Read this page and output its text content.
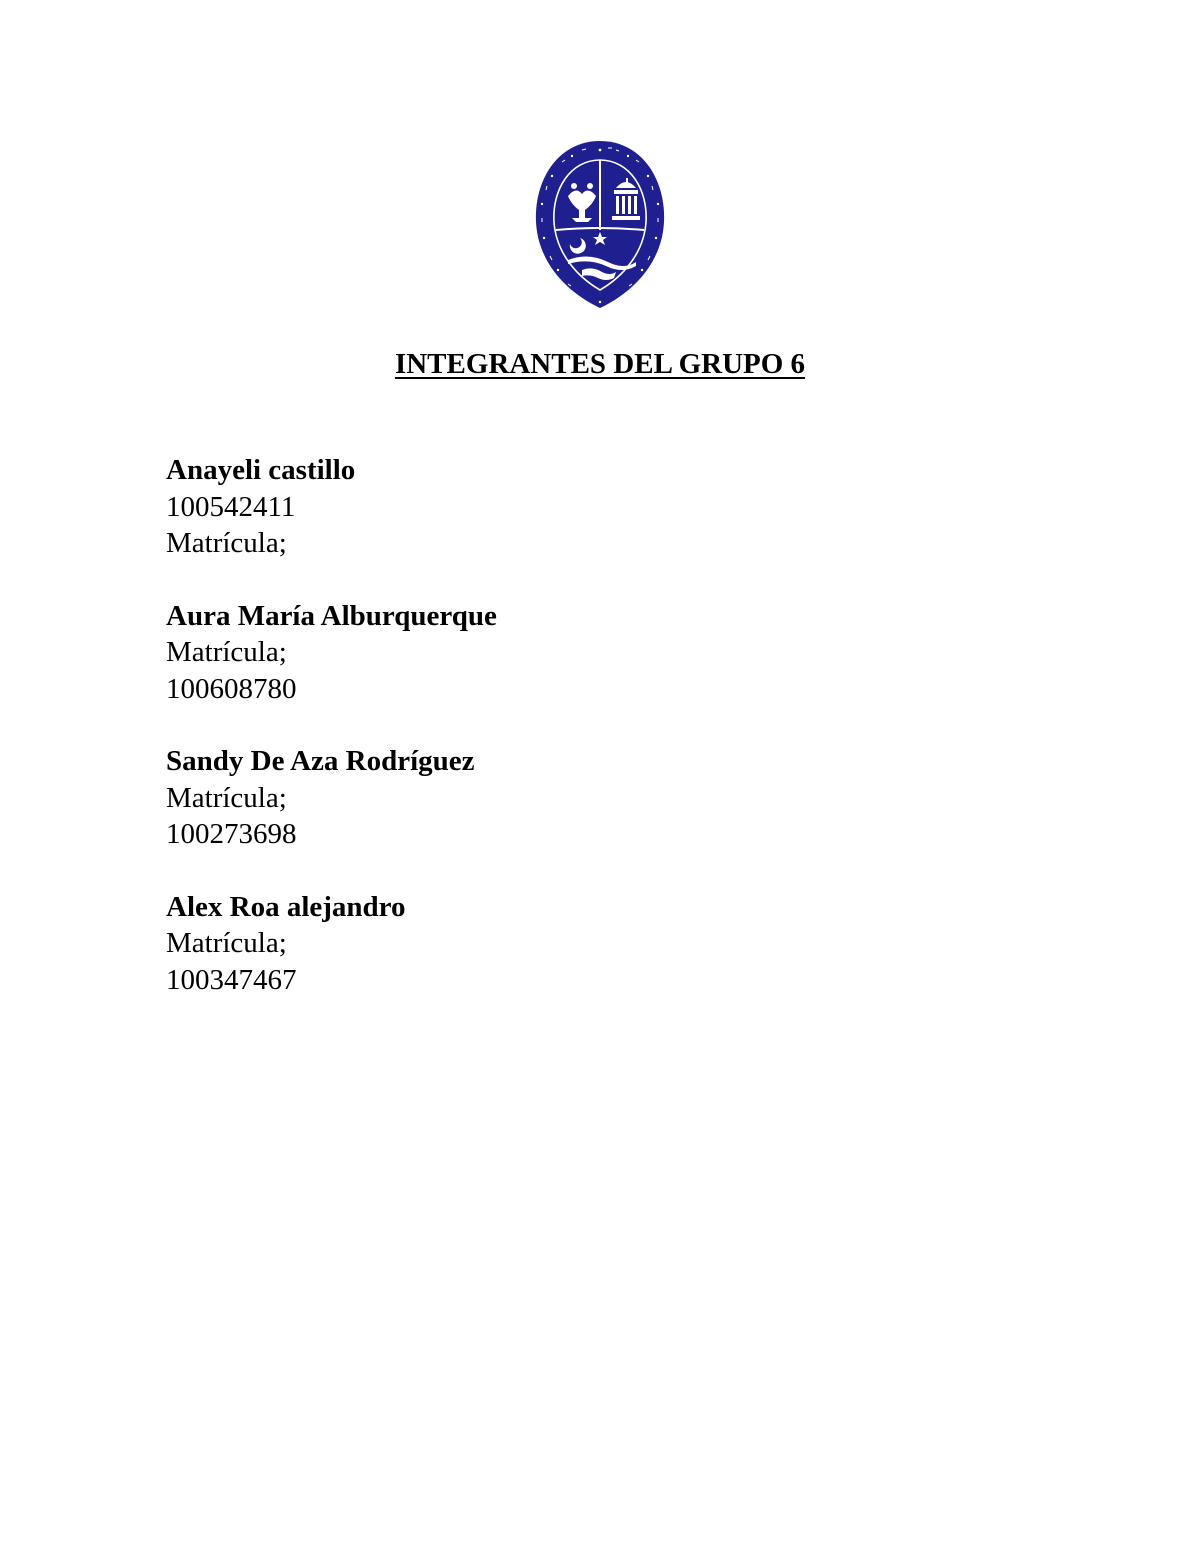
INTEGRANTES DEL GRUPO 6
Anayeli castillo
100542411
Matrícula;
Aura María Alburquerque
Matrícula;
100608780
Sandy De Aza Rodríguez
Matrícula;
100273698
Alex Roa alejandro
Matrícula;
100347467
